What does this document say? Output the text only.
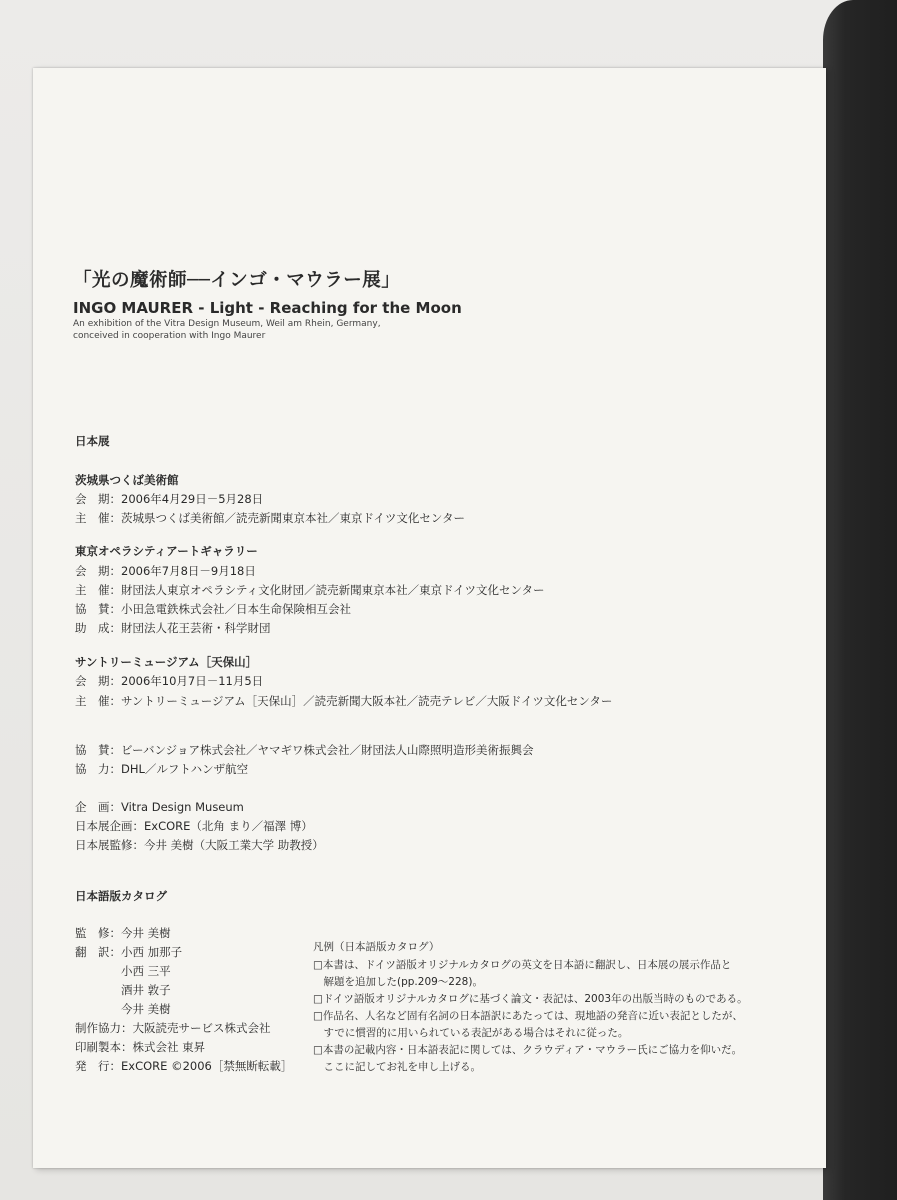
「光の魔術師──インゴ・マウラー展」
INGO MAURER - Light - Reaching for the Moon
An exhibition of the Vitra Design Museum, Weil am Rhein, Germany,
conceived in cooperation with Ingo Maurer
日本展
茨城県つくば美術館
会　期：2006年4月29日－5月28日
主　催：茨城県つくば美術館／読売新聞東京本社／東京ドイツ文化センター
東京オペラシティアートギャラリー
会　期：2006年7月8日－9月18日
主　催：財団法人東京オペラシティ文化財団／読売新聞東京本社／東京ドイツ文化センター
協　賛：小田急電鉄株式会社／日本生命保険相互会社
助　成：財団法人花王芸術・科学財団
サントリーミュージアム［天保山］
会　期：2006年10月7日－11月5日
主　催：サントリーミュージアム［天保山］／読売新聞大阪本社／読売テレビ／大阪ドイツ文化センター
協　賛：ビーバンジョア株式会社／ヤマギワ株式会社／財団法人山際照明造形美術振興会
協　力：DHL／ルフトハンザ航空
企　画：Vitra Design Museum
日本展企画：ExCORE（北角 まり／福澤 博）
日本展監修：今井 美樹（大阪工業大学 助教授）
日本語版カタログ
監　修：今井 美樹
翻　訳：小西 加那子
　　　　小西 三平
　　　　酒井 敦子
　　　　今井 美樹
制作協力：大阪読売サービス株式会社
印刷製本：株式会社 東昇
発　行：ExCORE ©2006［禁無断転載］
凡例（日本語版カタログ）
□本書は、ドイツ語版オリジナルカタログの英文を日本語に翻訳し、日本展の展示作品と
　解題を追加した(pp.209～228)。
□ドイツ語版オリジナルカタログに基づく論文・表記は、2003年の出版当時のものである。
□作品名、人名など固有名詞の日本語訳にあたっては、現地語の発音に近い表記としたが、
　すでに慣習的に用いられている表記がある場合はそれに従った。
□本書の記載内容・日本語表記に関しては、クラウディア・マウラー氏にご協力を仰いだ。
　ここに記してお礼を申し上げる。
